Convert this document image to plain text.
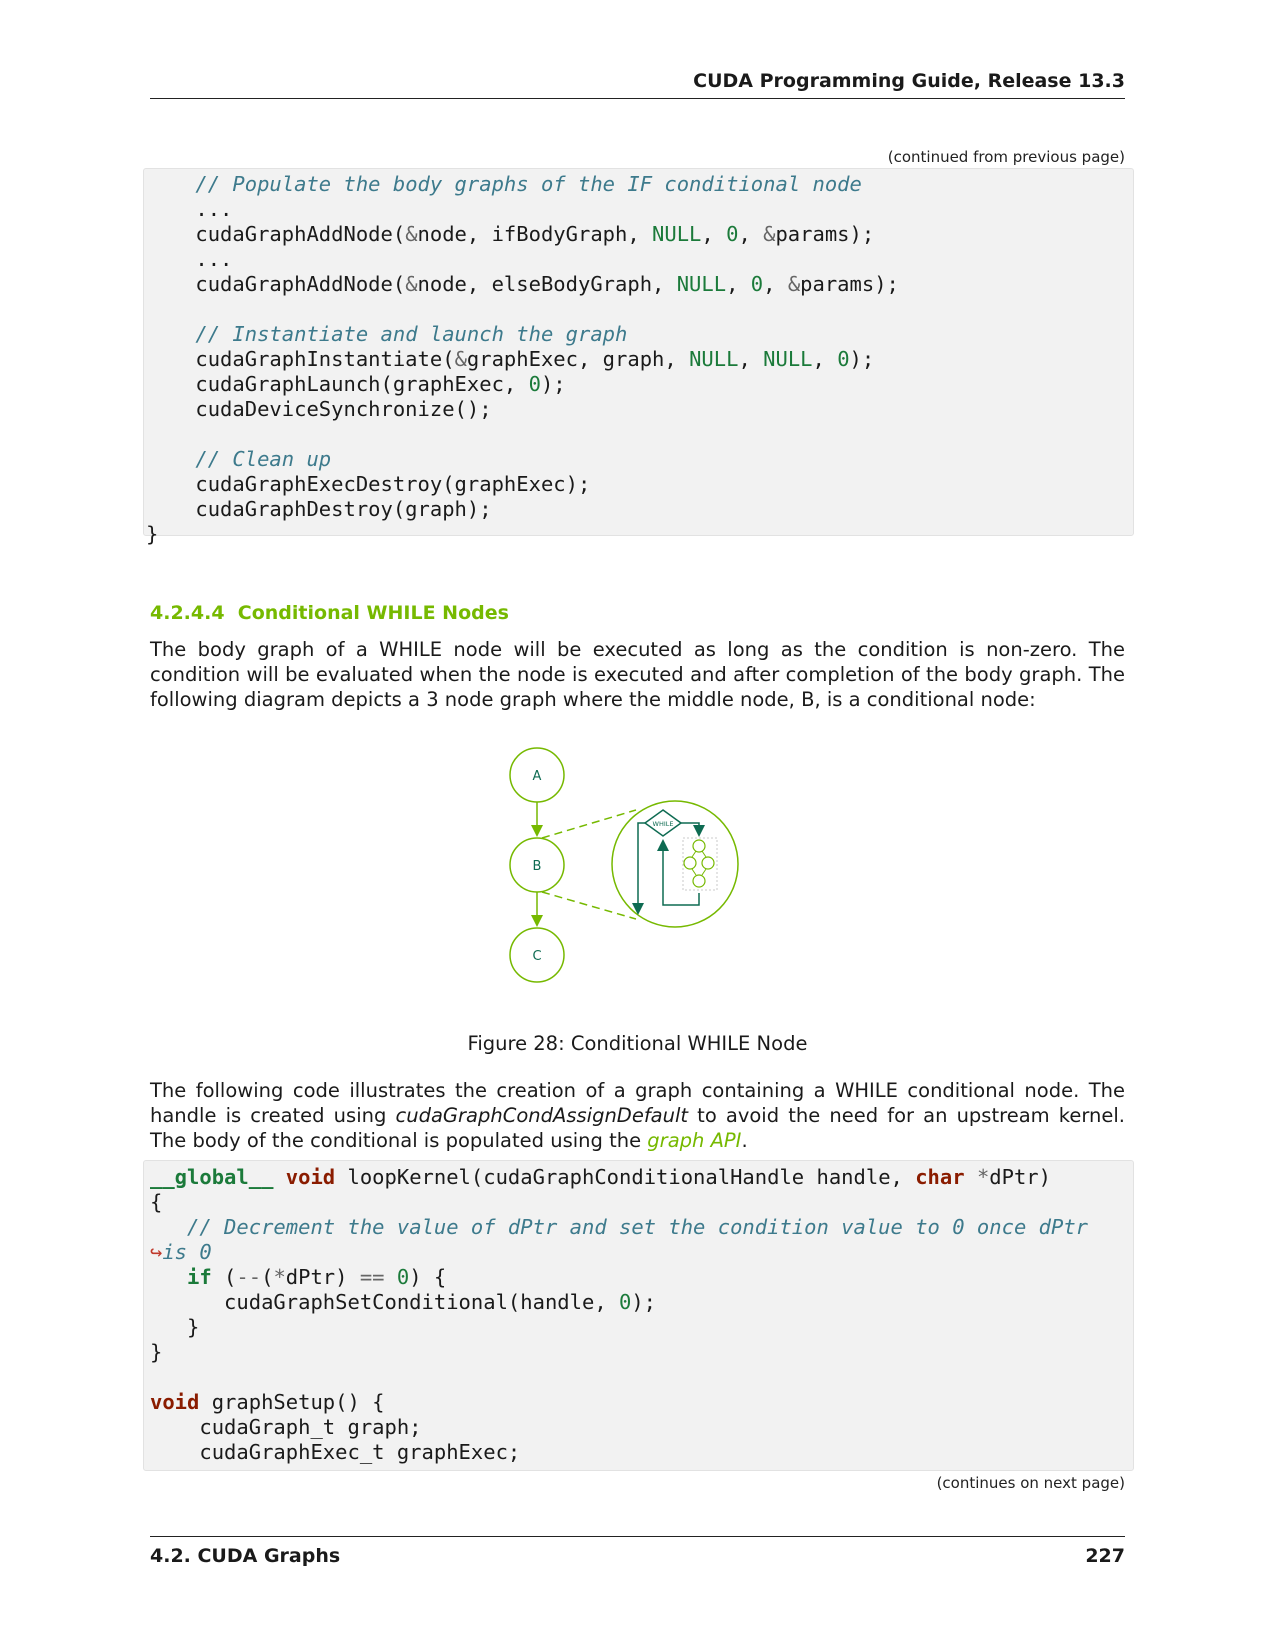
CUDA Programming Guide, Release 13.3
(continued from previous page)
// Populate the body graphs of the IF conditional node
...
cudaGraphAddNode(&node, ifBodyGraph, NULL, 0, &params);
...
cudaGraphAddNode(&node, elseBodyGraph, NULL, 0, &params);

// Instantiate and launch the graph
cudaGraphInstantiate(&graphExec, graph, NULL, NULL, 0);
cudaGraphLaunch(graphExec, 0);
cudaDeviceSynchronize();

// Clean up
cudaGraphExecDestroy(graphExec);
cudaGraphDestroy(graph);
}
4.2.4.4 Conditional WHILE Nodes
The body graph of a WHILE node will be executed as long as the condition is non-zero. The condition will be evaluated when the node is executed and after completion of the body graph. The following diagram depicts a 3 node graph where the middle node, B, is a conditional node:
A
B
C
WHILE
Figure 28: Conditional WHILE Node
The following code illustrates the creation of a graph containing a WHILE conditional node. The handle is created using cudaGraphCondAssignDefault to avoid the need for an upstream kernel. The body of the conditional is populated using the graph API.
__global__ void loopKernel(cudaGraphConditionalHandle handle, char *dPtr)
{
// Decrement the value of dPtr and set the condition value to 0 once dPtr
↪is 0
if (--(*dPtr) == 0) {
cudaGraphSetConditional(handle, 0);
}
}

void graphSetup() {
cudaGraph_t graph;
cudaGraphExec_t graphExec;
(continues on next page)
4.2. CUDA Graphs	227
